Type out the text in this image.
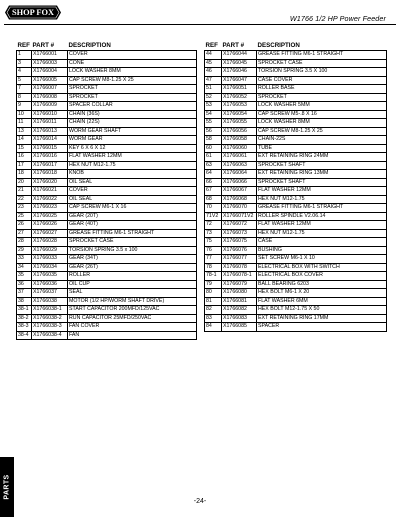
SHOP FOX
W1766 1/2 HP Power Feeder
REF	PART #	DESCRIPTION
1	X1766001	COVER
3	X1766003	CONE
4	X1766004	LOCK WASHER 8MM
5	X1766005	CAP SCREW M8-1.25 X 25
7	X1766007	SPROCKET
8	X1766008	SPROCKET
9	X1766009	SPACER COLLAR
10	X1766010	CHAIN (36S)
11	X1766011	CHAIN (22S)
13	X1766013	WORM GEAR SHAFT
14	X1766014	WORM GEAR
15	X1766015	KEY 6 X 6 X 12
16	X1766016	FLAT WASHER 12MM
17	X1766017	HEX NUT M12-1.75
18	X1766018	KNOB
20	X1766020	OIL SEAL
21	X1766021	COVER
22	X1766022	OIL SEAL
23	X1766023	CAP SCREW M6-1 X 16
25	X1766025	GEAR (20T)
26	X1766026	GEAR (40T)
27	X1766027	GREASE FITTING M6-1 STRAIGHT
28	X1766028	SPROCKET CASE
29	X1766029	TORSION SPRING 3.5 x 100
33	X1766033	GEAR (34T)
34	X1766034	GEAR (26T)
35	X1766035	ROLLER
36	X1766036	OIL CUP
37	X1766037	SEAL
38	X1766038	MOTOR (1/2 HP/WORM SHAFT DRIVE)
38-1	X1766038-1	START CAPACITOR 200MFD/125VAC
38-2	X1766038-2	RUN CAPACITOR 25MFD/250VAC
38-3	X1766038-3	FAN COVER
38-4	X1766038-4	FAN
REF	PART #	DESCRIPTION
44	X1766044	GREASE FITTING M6-1 STRAIGHT
45	X1766045	SPROCKET CASE
46	X1766046	TORSION SPRING 3.5 X 100
47	X1766047	CASE COVER
51	X1766051	ROLLER BASE
52	X1766052	SPROCKET
53	X1766053	LOCK WASHER 5MM
54	X1766054	CAP SCREW M5-.8 X 16
55	X1766055	LOCK WASHER 8MM
56	X1766056	CAP SCREW M8-1.25 X 25
58	X1766058	CHAIN-22S
60	X1766060	TUBE
61	X1766061	EXT RETAINING RING 24MM
63	X1766063	SPROCKET SHAFT
64	X1766064	EXT RETAINING RING 13MM
66	X1766066	SPROCKET SHAFT
67	X1766067	FLAT WASHER 12MM
68	X1766068	HEX NUT M12-1.75
70	X1766070	GREASE FITTING M6-1 STRAIGHT
71V2	X1766071V2	ROLLER SPINDLE V2.06.14
72	X1766072	FLAT WASHER 12MM
73	X1766073	HEX NUT M12-1.75
75	X1766075	CASE
76	X1766076	BUSHING
77	X1766077	SET SCREW M6-1 X 10
78	X1766078	ELECTRICAL BOX WITH SWITCH
78-1	X1766078-1	ELECTRICAL BOX COVER
79	X1766079	BALL BEARING 6203
80	X1766080	HEX BOLT M6-1 X 20
81	X1766081	FLAT WASHER 6MM
82	X1766082	HEX BOLT M12-1.75 X 50
83	X1766083	EXT RETAINING RING 17MM
84	X1766085	SPACER
PARTS
-24-
